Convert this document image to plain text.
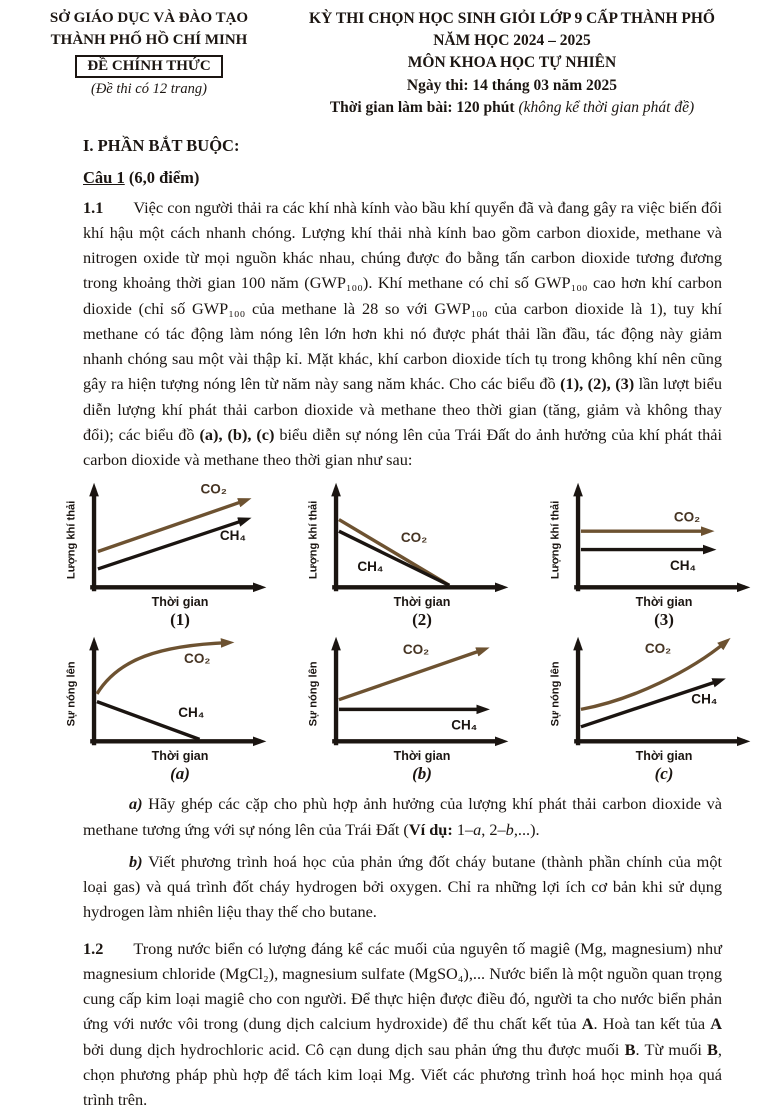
SỞ GIÁO DỤC VÀ ĐÀO TẠO
THÀNH PHỐ HỒ CHÍ MINH
ĐỀ CHÍNH THỨC
(Đề thi có 12 trang)
KỲ THI CHỌN HỌC SINH GIỎI LỚP 9 CẤP THÀNH PHỐ
NĂM HỌC 2024 – 2025
MÔN KHOA HỌC TỰ NHIÊN
Ngày thi: 14 tháng 03 năm 2025
Thời gian làm bài: 120 phút (không kể thời gian phát đề)
I. PHẦN BẮT BUỘC:
Câu 1 (6,0 điểm)

1.1 Việc con người thải ra các khí nhà kính vào bầu khí quyển đã và đang gây ra việc biến đổi khí hậu một cách nhanh chóng. Lượng khí thải nhà kính bao gồm carbon dioxide, methane và nitrogen oxide từ mọi nguồn khác nhau, chúng được đo bằng tấn carbon dioxide tương đương trong khoảng thời gian 100 năm (GWP₁₀₀). Khí methane có chỉ số GWP₁₀₀ cao hơn khí carbon dioxide (chỉ số GWP₁₀₀ của methane là 28 so với GWP₁₀₀ của carbon dioxide là 1), tuy khí methane có tác động làm nóng lên lớn hơn khi nó được phát thải lần đầu, tác động này giảm nhanh chóng sau một vài thập kỉ. Mặt khác, khí carbon dioxide tích tụ trong không khí nên cũng gây ra hiện tượng nóng lên từ năm này sang năm khác. Cho các biểu đồ (1), (2), (3) lần lượt biểu diễn lượng khí phát thải carbon dioxide và methane theo thời gian (tăng, giảm và không thay đổi); các biểu đồ (a), (b), (c) biểu diễn sự nóng lên của Trái Đất do ảnh hưởng của khí phát thải carbon dioxide và methane theo thời gian như sau:

CO₂
CH₄
Lượng khí thải
Thời gian
(1)
CO₂
CH₄
Lượng khí thải
Thời gian
(2)
CO₂
CH₄
Lượng khí thải
Thời gian
(3)
CO₂
CH₄
Sự nóng lên
Thời gian
(a)
CO₂
CH₄
Sự nóng lên
Thời gian
(b)
CO₂
CH₄
Sự nóng lên
Thời gian
(c)

a) Hãy ghép các cặp cho phù hợp ảnh hưởng của lượng khí phát thải carbon dioxide và methane tương ứng với sự nóng lên của Trái Đất (Ví dụ: 1–a, 2–b,...).

b) Viết phương trình hoá học của phản ứng đốt cháy butane (thành phần chính của một loại gas) và quá trình đốt cháy hydrogen bởi oxygen. Chỉ ra những lợi ích cơ bản khi sử dụng hydrogen làm nhiên liệu thay thế cho butane.

1.2 Trong nước biển có lượng đáng kể các muối của nguyên tố magiê (Mg, magnesium) như magnesium chloride (MgCl₂), magnesium sulfate (MgSO₄),... Nước biển là một nguồn quan trọng cung cấp kim loại magiê cho con người. Để thực hiện được điều đó, người ta cho nước biển phản ứng với nước vôi trong (dung dịch calcium hydroxide) để thu chất kết tủa A. Hoà tan kết tủa A bởi dung dịch hydrochloric acid. Cô cạn dung dịch sau phản ứng thu được muối B. Từ muối B, chọn phương pháp phù hợp để tách kim loại Mg. Viết các phương trình hoá học minh họa quá trình trên.
